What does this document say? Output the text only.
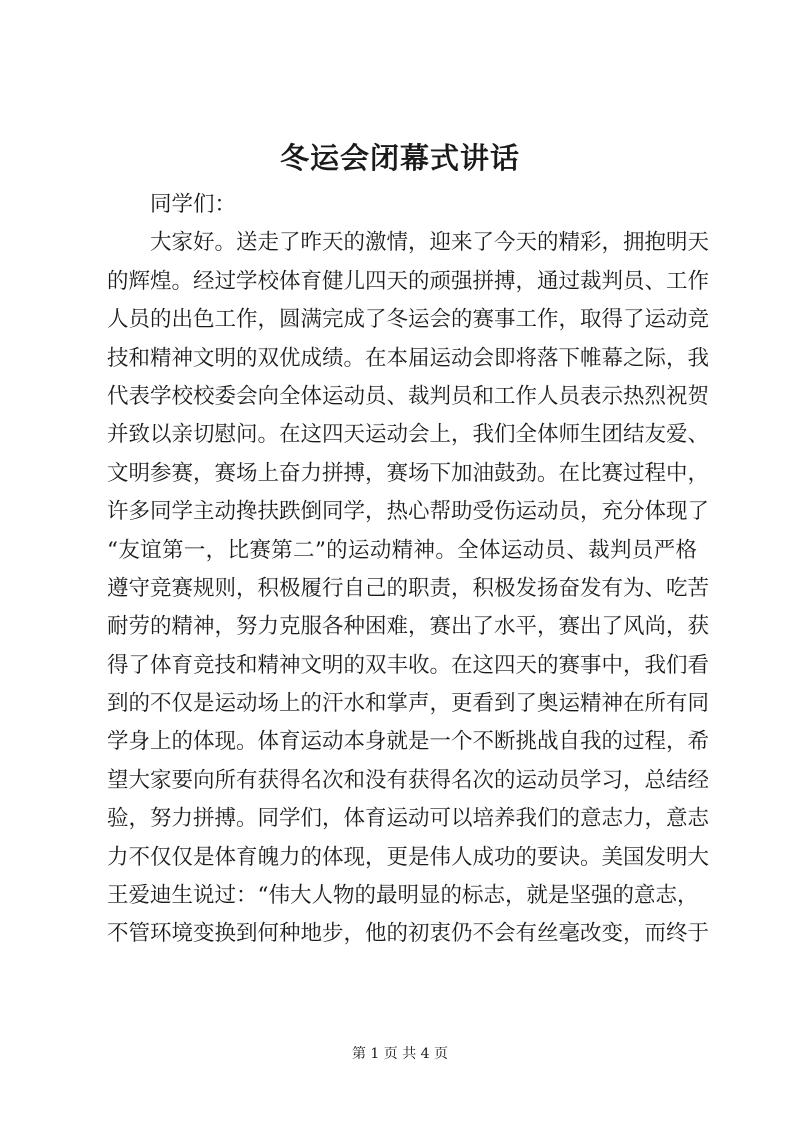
冬运会闭幕式讲话
同学们：
大家好。送走了昨天的激情，迎来了今天的精彩，拥抱明天
的辉煌。经过学校体育健儿四天的顽强拼搏，通过裁判员、工作
人员的出色工作，圆满完成了冬运会的赛事工作，取得了运动竞
技和精神文明的双优成绩。在本届运动会即将落下帷幕之际，我
代表学校校委会向全体运动员、裁判员和工作人员表示热烈祝贺
并致以亲切慰问。在这四天运动会上，我们全体师生团结友爱、
文明参赛，赛场上奋力拼搏，赛场下加油鼓劲。在比赛过程中，
许多同学主动搀扶跌倒同学，热心帮助受伤运动员，充分体现了
“友谊第一，比赛第二”的运动精神。全体运动员、裁判员严格
遵守竞赛规则，积极履行自己的职责，积极发扬奋发有为、吃苦
耐劳的精神，努力克服各种困难，赛出了水平，赛出了风尚，获
得了体育竞技和精神文明的双丰收。在这四天的赛事中，我们看
到的不仅是运动场上的汗水和掌声，更看到了奥运精神在所有同
学身上的体现。体育运动本身就是一个不断挑战自我的过程，希
望大家要向所有获得名次和没有获得名次的运动员学习，总结经
验，努力拼搏。同学们，体育运动可以培养我们的意志力，意志
力不仅仅是体育魄力的体现，更是伟人成功的要诀。美国发明大
王爱迪生说过：“伟大人物的最明显的标志，就是坚强的意志，
不管环境变换到何种地步，他的初衷仍不会有丝毫改变，而终于
第 1 页 共 4 页
